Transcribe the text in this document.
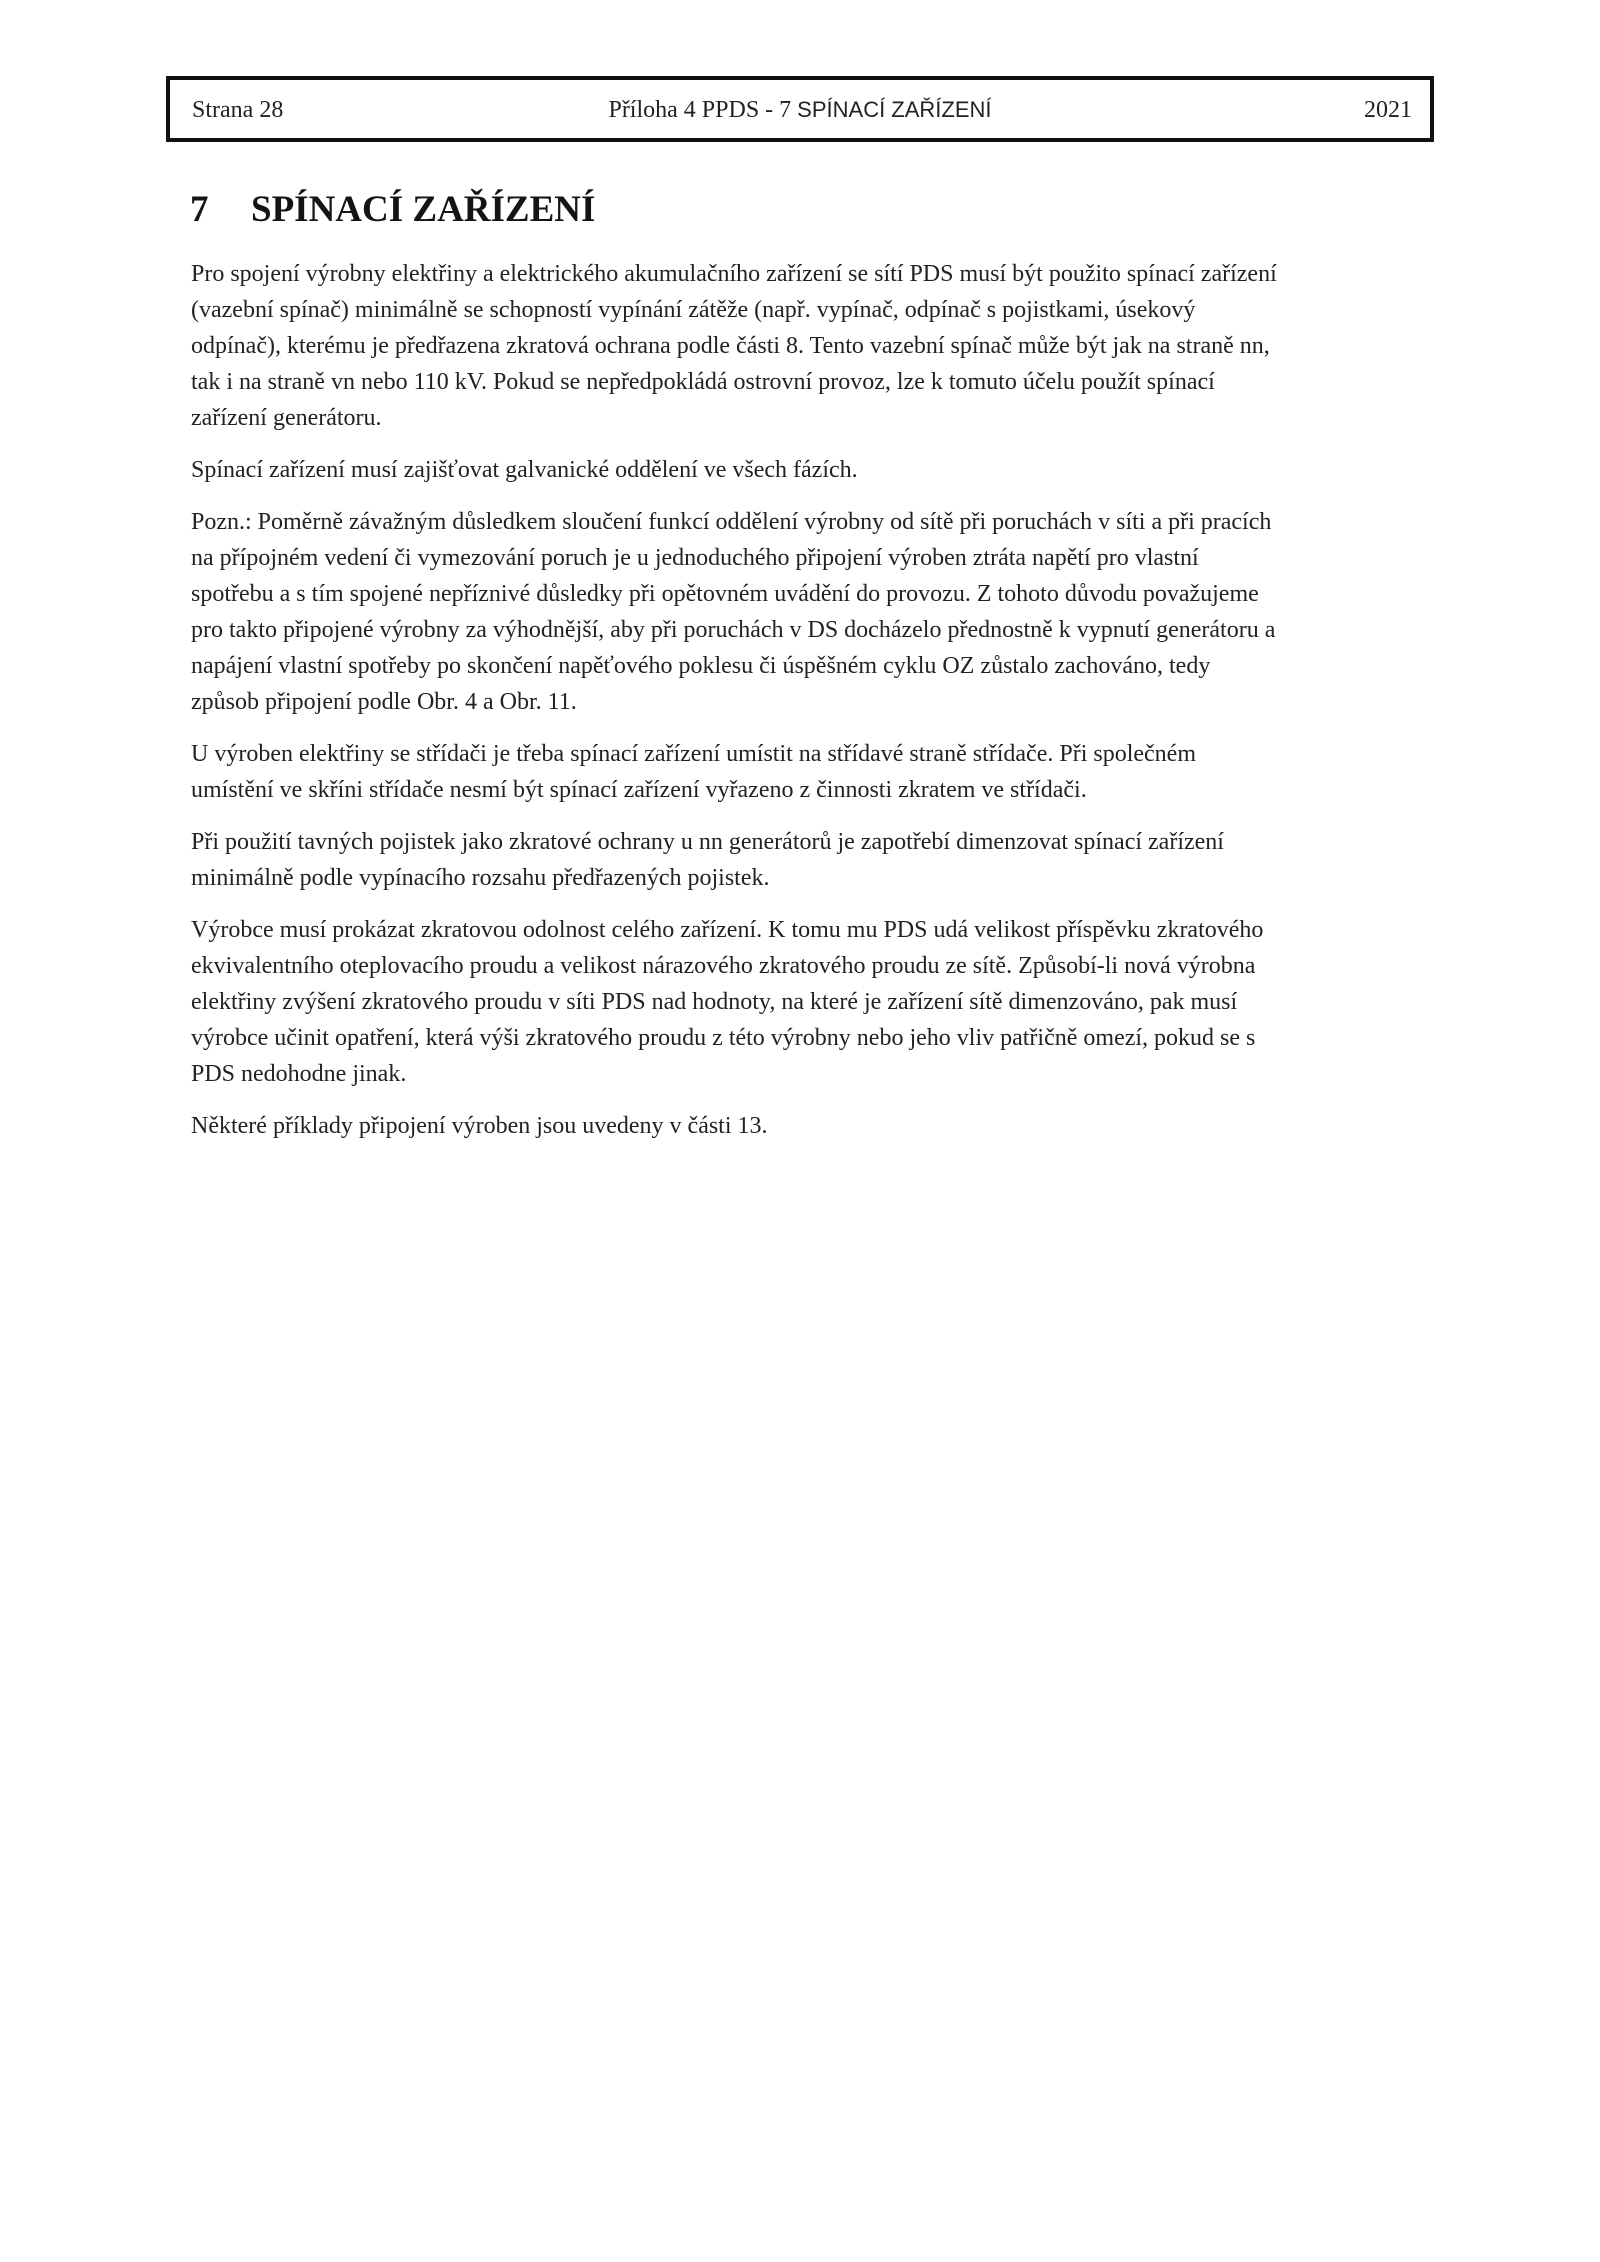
Strana 28	Příloha 4 PPDS - 7 SPÍNACÍ ZAŘÍZENÍ	2021
7 SPÍNACÍ ZAŘÍZENÍ

Pro spojení výrobny elektřiny a elektrického akumulačního zařízení se sítí PDS musí být použito spínací zařízení
(vazební spínač) minimálně se schopností vypínání zátěže (např. vypínač, odpínač s pojistkami, úsekový
odpínač), kterému je předřazena zkratová ochrana podle části 8. Tento vazební spínač může být jak na straně nn,
tak i na straně vn nebo 110 kV. Pokud se nepředpokládá ostrovní provoz, lze k tomuto účelu použít spínací
zařízení generátoru.

Spínací zařízení musí zajišťovat galvanické oddělení ve všech fázích.

Pozn.: Poměrně závažným důsledkem sloučení funkcí oddělení výrobny od sítě při poruchách v síti a při pracích
na přípojném vedení či vymezování poruch je u jednoduchého připojení výroben ztráta napětí pro vlastní
spotřebu a s tím spojené nepříznivé důsledky při opětovném uvádění do provozu. Z tohoto důvodu považujeme
pro takto připojené výrobny za výhodnější, aby při poruchách v DS docházelo přednostně k vypnutí generátoru a
napájení vlastní spotřeby po skončení napěťového poklesu či úspěšném cyklu OZ zůstalo zachováno, tedy
způsob připojení podle Obr. 4 a Obr. 11.

U výroben elektřiny se střídači je třeba spínací zařízení umístit na střídavé straně střídače. Při společném
umístění ve skříni střídače nesmí být spínací zařízení vyřazeno z činnosti zkratem ve střídači.

Při použití tavných pojistek jako zkratové ochrany u nn generátorů je zapotřebí dimenzovat spínací zařízení
minimálně podle vypínacího rozsahu předřazených pojistek.

Výrobce musí prokázat zkratovou odolnost celého zařízení. K tomu mu PDS udá velikost příspěvku zkratového
ekvivalentního oteplovacího proudu a velikost nárazového zkratového proudu ze sítě. Způsobí-li nová výrobna
elektřiny zvýšení zkratového proudu v síti PDS nad hodnoty, na které je zařízení sítě dimenzováno, pak musí
výrobce učinit opatření, která výši zkratového proudu z této výrobny nebo jeho vliv patřičně omezí, pokud se s
PDS nedohodne jinak.

Některé příklady připojení výroben jsou uvedeny v části 13.
